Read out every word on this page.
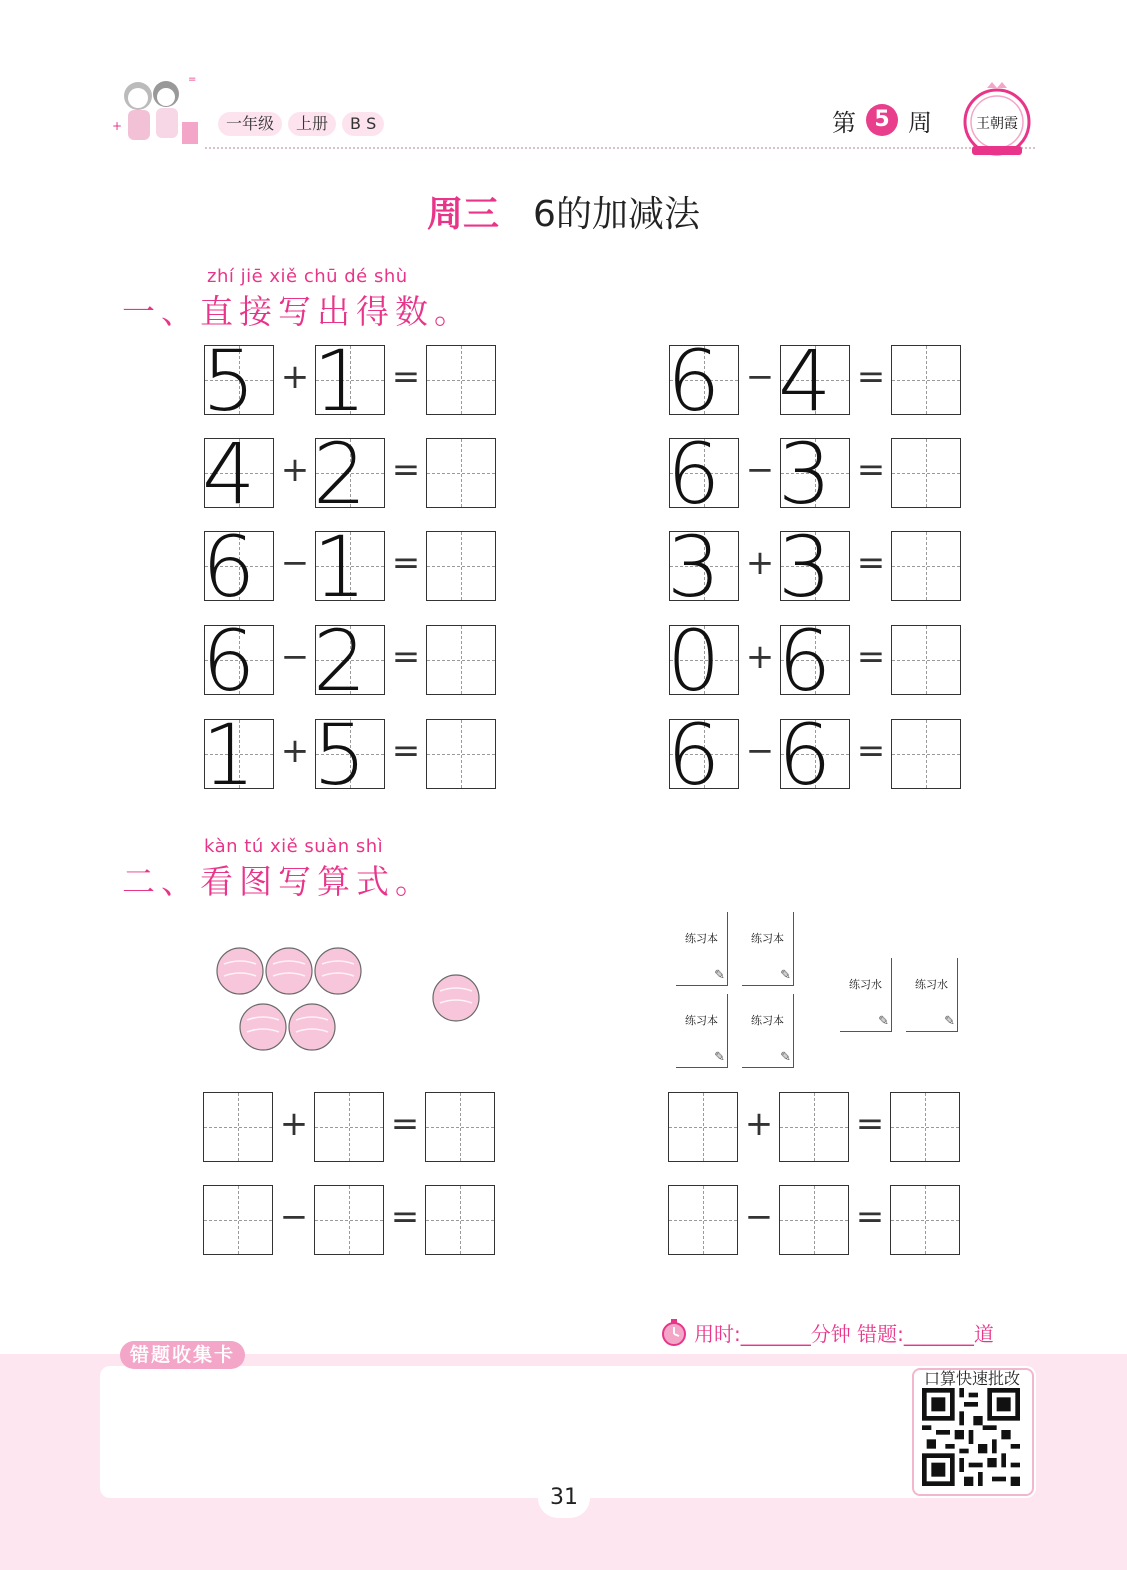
+
=
一年级	上册	B S	第 5 周	王朝霞
周三 6的加减法
zhí jiē xiě chū dé shù
一、直接写出得数。
5 + 1 =
4 + 2 =
6 − 1 =
6 − 2 =
1 + 5 =
6 − 4 =
6 − 3 =
3 + 3 =
0 + 6 =
6 − 6 =
kàn tú xiě suàn shì
二、看图写算式。
练习本
✎	练习本
✎
练习本
✎	练习本
✎
练习水
✎	练习水
✎
+ =
− =
+ =
− =
错题收集卡
用时:_______分钟 错题:_______道
口算快速批改
31
